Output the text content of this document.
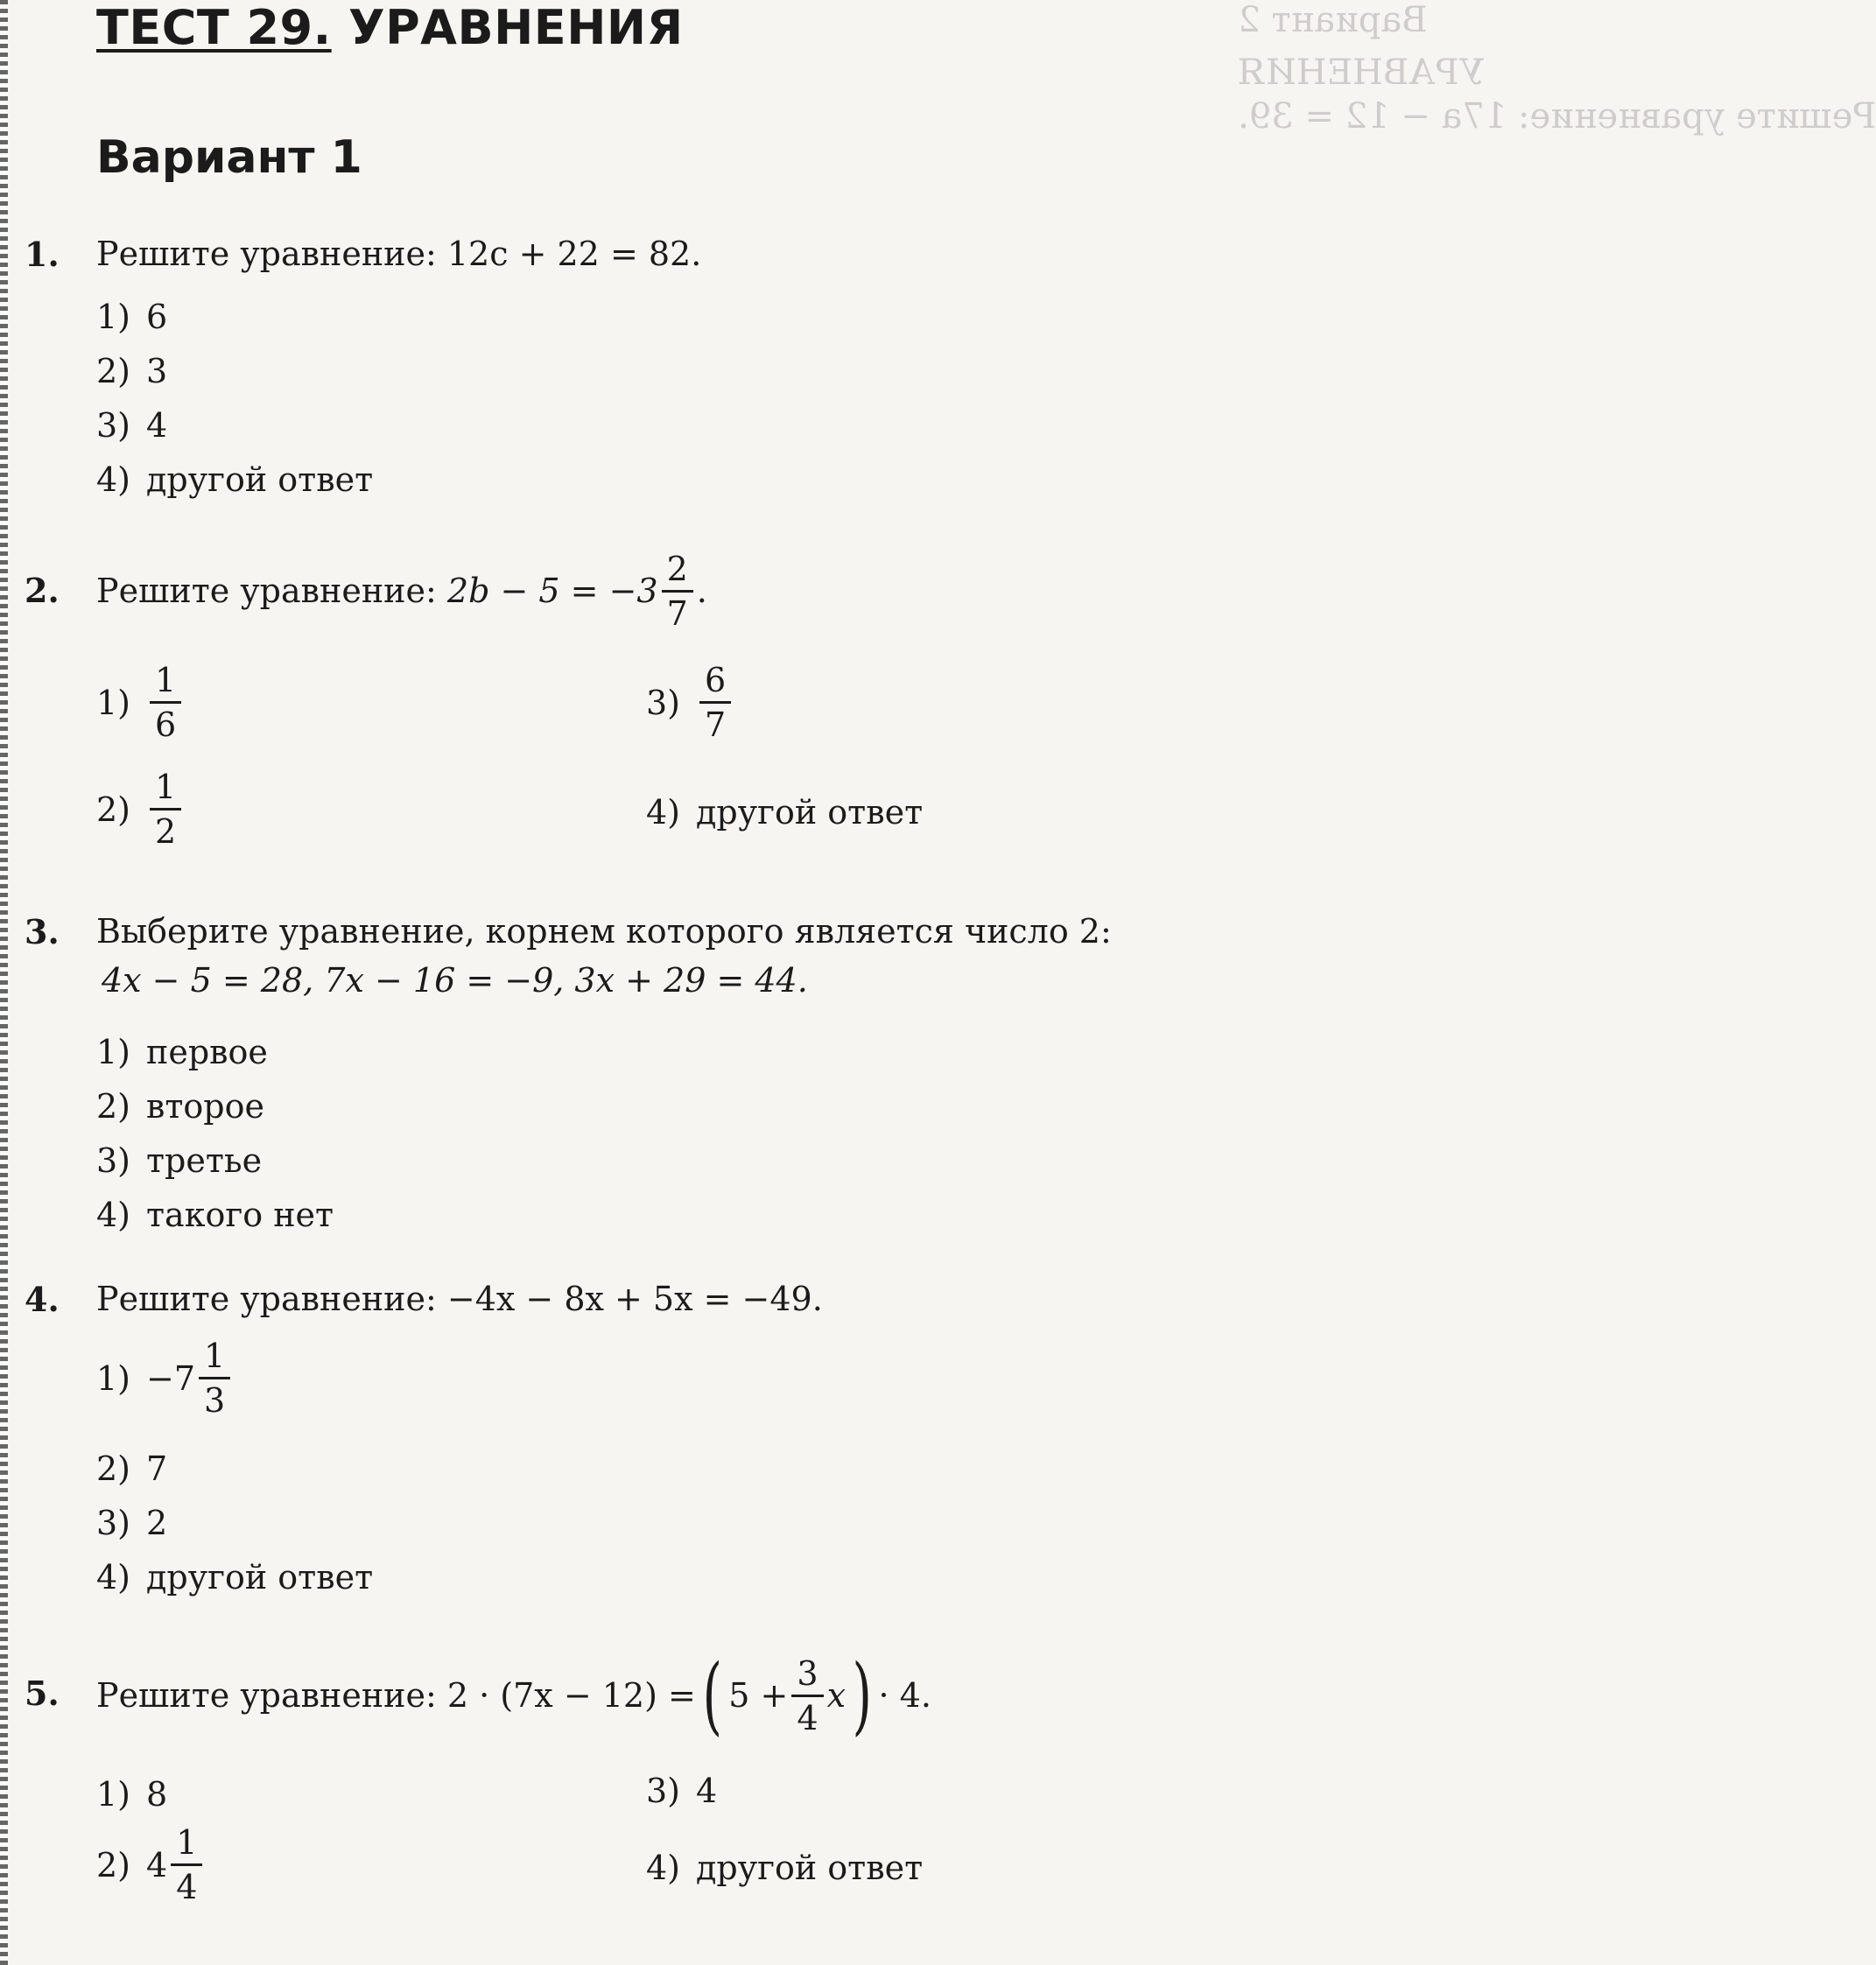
Вариант 2
УРАВНЕНИЯ
Решите уравнение: 17a − 12 = 39.
ТЕСТ 29. УРАВНЕНИЯ
Вариант 1
1. Решите уравнение: 12c + 22 = 82.
1) 6
2) 3
3) 4
4) другой ответ
2. Решите уравнение:
$2b - 5 = -3 \frac{2}{7}$ .
$1) \frac{1}{6}$
$2) \frac{1}{2}$
$3) \frac{6}{7}$
4) другой ответ
3. Выберите уравнение, корнем которого является число 2:
4x − 5 = 28, 7x − 16 = −9, 3x + 29 = 44.
1) первое
2) второе
3) третье
4) такого нет
4. Решите уравнение: −4x − 8x + 5x = −49.
$1) -7 \frac{1}{3}$
2) 7
3) 2
4) другой ответ
5. Решите уравнение:
2 · (7x − 12) = ( $5 + \frac{3}{4}$ x ) · 4.
1) 8
2) $4 \frac{1}{4}$
3) 4
4) другой ответ
